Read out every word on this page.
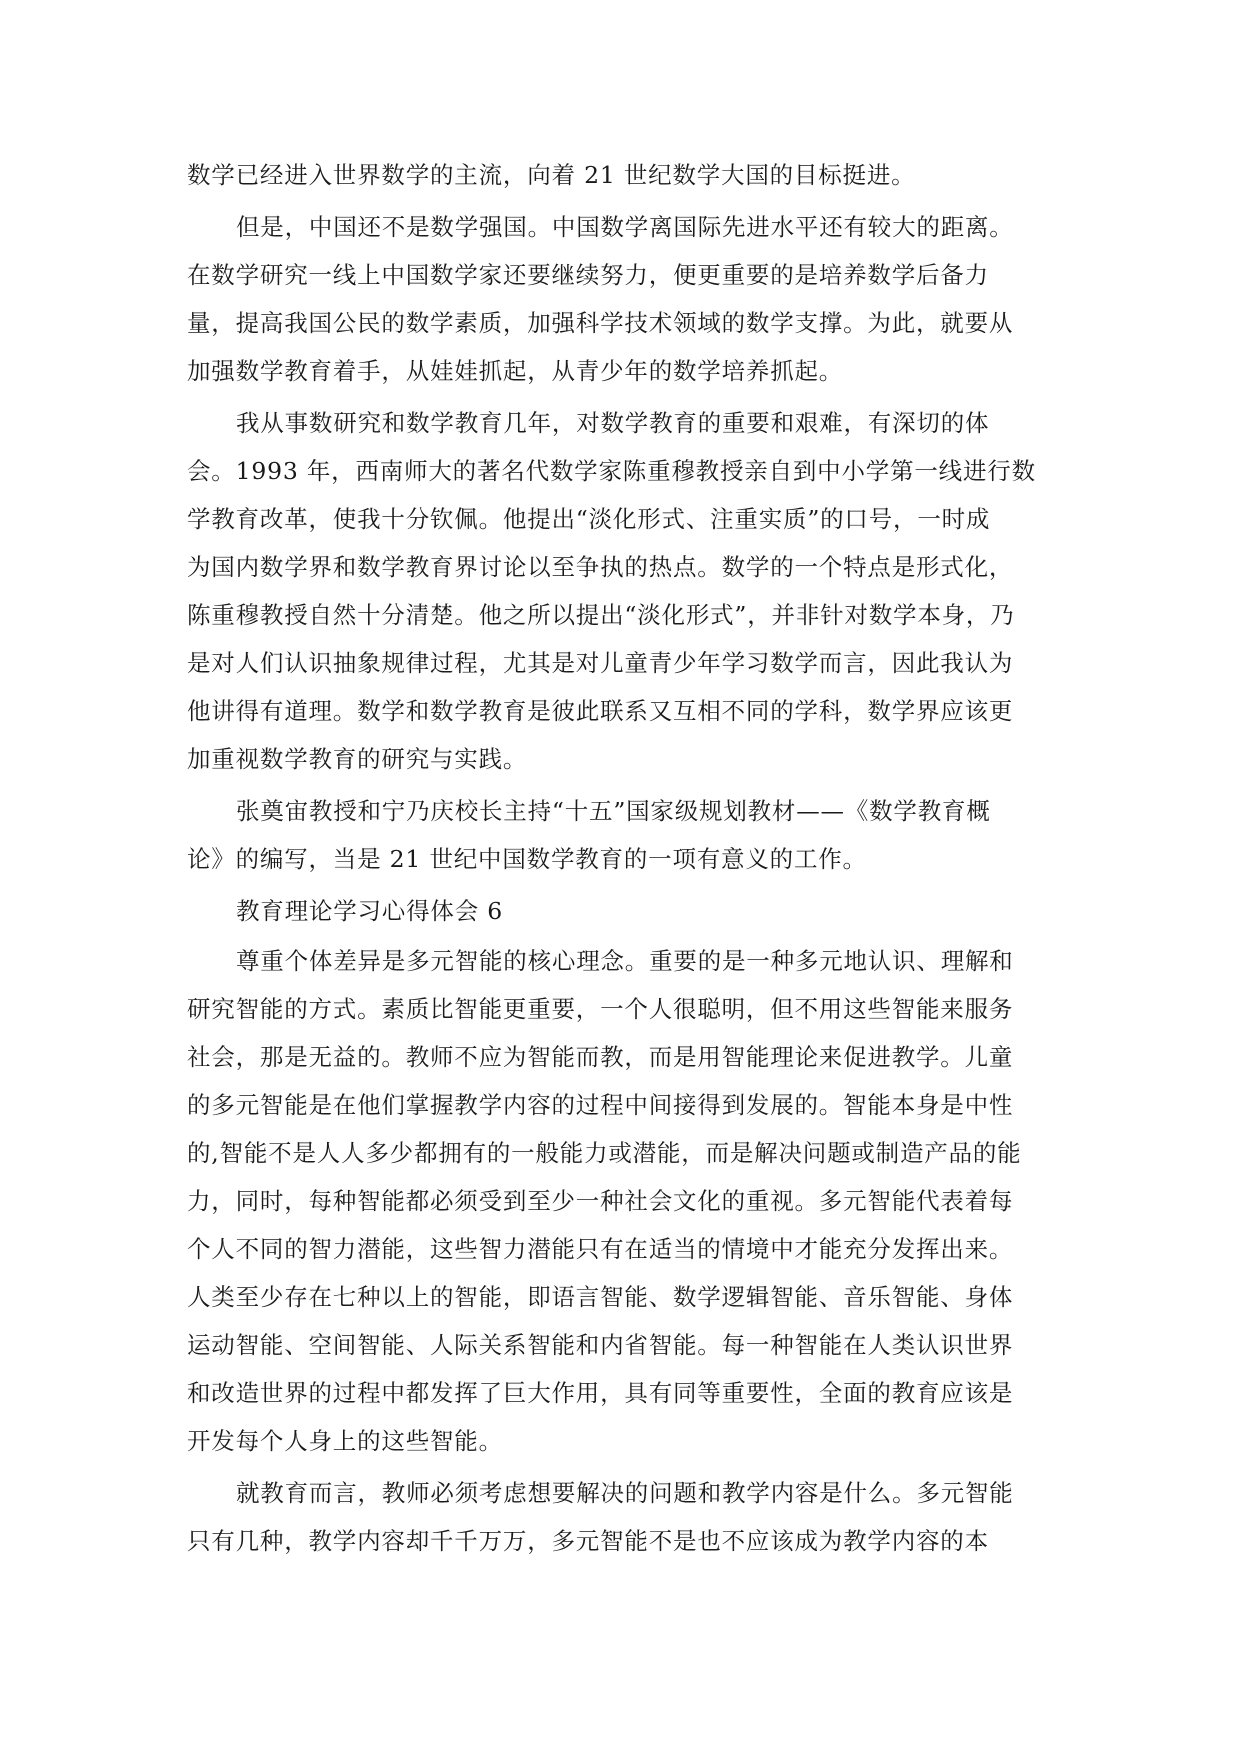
数学已经进入世界数学的主流，向着 21 世纪数学大国的目标挺进。

但是，中国还不是数学强国。中国数学离国际先进水平还有较大的距离。

在数学研究一线上中国数学家还要继续努力，便更重要的是培养数学后备力

量，提高我国公民的数学素质，加强科学技术领域的数学支撑。为此，就要从

加强数学教育着手，从娃娃抓起，从青少年的数学培养抓起。

我从事数研究和数学教育几年，对数学教育的重要和艰难，有深切的体

会。1993 年，西南师大的著名代数学家陈重穆教授亲自到中小学第一线进行数

学教育改革，使我十分钦佩。他提出“淡化形式、注重实质”的口号，一时成

为国内数学界和数学教育界讨论以至争执的热点。数学的一个特点是形式化，

陈重穆教授自然十分清楚。他之所以提出“淡化形式”，并非针对数学本身，乃

是对人们认识抽象规律过程，尤其是对儿童青少年学习数学而言，因此我认为

他讲得有道理。数学和数学教育是彼此联系又互相不同的学科，数学界应该更

加重视数学教育的研究与实践。

张奠宙教授和宁乃庆校长主持“十五”国家级规划教材——《数学教育概

论》的编写，当是 21 世纪中国数学教育的一项有意义的工作。

教育理论学习心得体会 6

尊重个体差异是多元智能的核心理念。重要的是一种多元地认识、理解和

研究智能的方式。素质比智能更重要，一个人很聪明，但不用这些智能来服务

社会，那是无益的。教师不应为智能而教，而是用智能理论来促进教学。儿童

的多元智能是在他们掌握教学内容的过程中间接得到发展的。智能本身是中性

的,智能不是人人多少都拥有的一般能力或潜能，而是解决问题或制造产品的能

力，同时，每种智能都必须受到至少一种社会文化的重视。多元智能代表着每

个人不同的智力潜能，这些智力潜能只有在适当的情境中才能充分发挥出来。

人类至少存在七种以上的智能，即语言智能、数学逻辑智能、音乐智能、身体

运动智能、空间智能、人际关系智能和内省智能。每一种智能在人类认识世界

和改造世界的过程中都发挥了巨大作用，具有同等重要性，全面的教育应该是

开发每个人身上的这些智能。

就教育而言，教师必须考虑想要解决的问题和教学内容是什么。多元智能

只有几种，教学内容却千千万万，多元智能不是也不应该成为教学内容的本
